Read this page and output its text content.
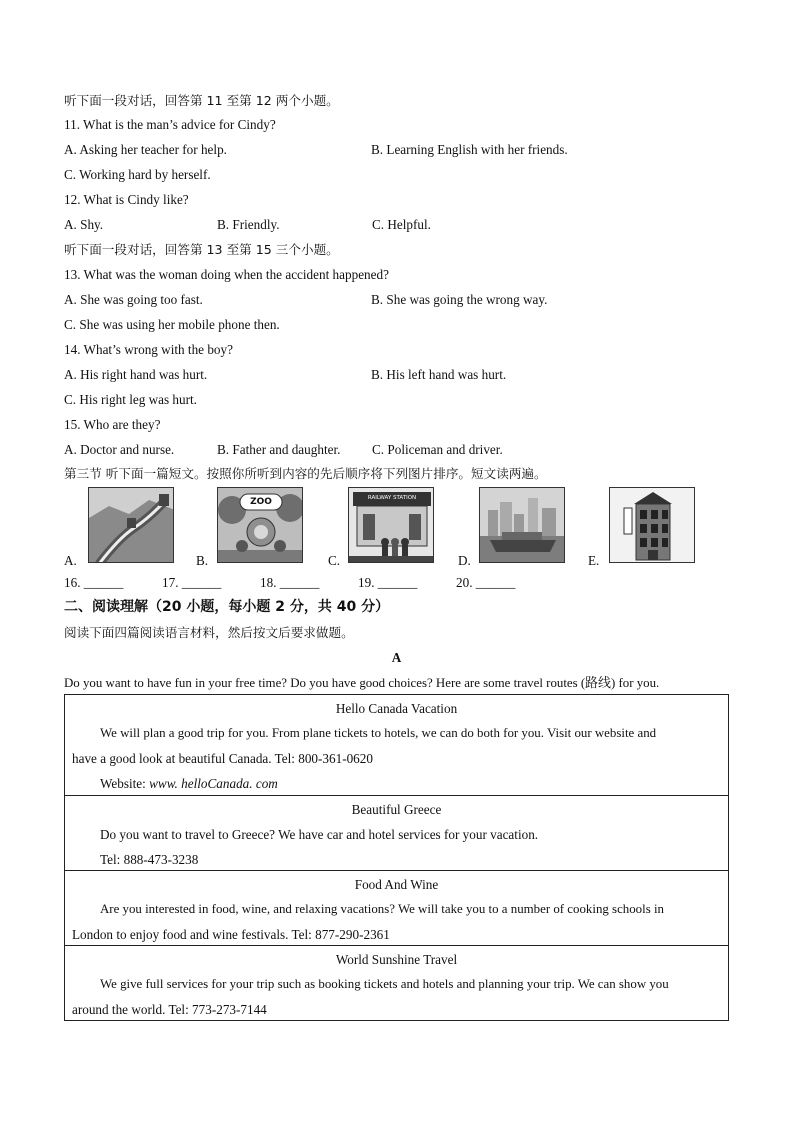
听下面一段对话，回答第 11 至第 12 两个小题。
11. What is the man’s advice for Cindy?
A. Asking her teacher for help.	B. Learning English with her friends.
C. Working hard by herself.
12. What is Cindy like?
A. Shy.	B. Friendly.	C. Helpful.
听下面一段对话，回答第 13 至第 15 三个小题。
13. What was the woman doing when the accident happened?
A. She was going too fast.	B. She was going the wrong way.
C. She was using her mobile phone then.
14. What’s wrong with the boy?
A. His right hand was hurt.	B. His left hand was hurt.
C. His right leg was hurt.
15. Who are they?
A. Doctor and nurse.	B. Father and daughter. C. Policeman and driver.
第三节 听下面一篇短文。按照你所听到内容的先后顺序将下列图片排序。短文读两遍。
A.	B.
ZOO
C.
RAILWAY STATION
D.	E.
16. ______	17. ______	18. ______	19. ______	20. ______
二、阅读理解（20 小题，每小题 2 分，共 40 分）
阅读下面四篇阅读语言材料，然后按文后要求做题。
A
Do you want to have fun in your free time? Do you have good choices? Here are some travel routes (路线) for you.
Hello Canada Vacation
We will plan a good trip for you. From plane tickets to hotels, we can do both for you. Visit our website and
have a good look at beautiful Canada. Tel: 800-361-0620
Website: www. helloCanada. com
Beautiful Greece
Do you want to travel to Greece? We have car and hotel services for your vacation.
Tel: 888-473-3238
Food And Wine
Are you interested in food, wine, and relaxing vacations? We will take you to a number of cooking schools in
London to enjoy food and wine festivals. Tel: 877-290-2361
World Sunshine Travel
We give full services for your trip such as booking tickets and hotels and planning your trip. We can show you
around the world. Tel: 773-273-7144
